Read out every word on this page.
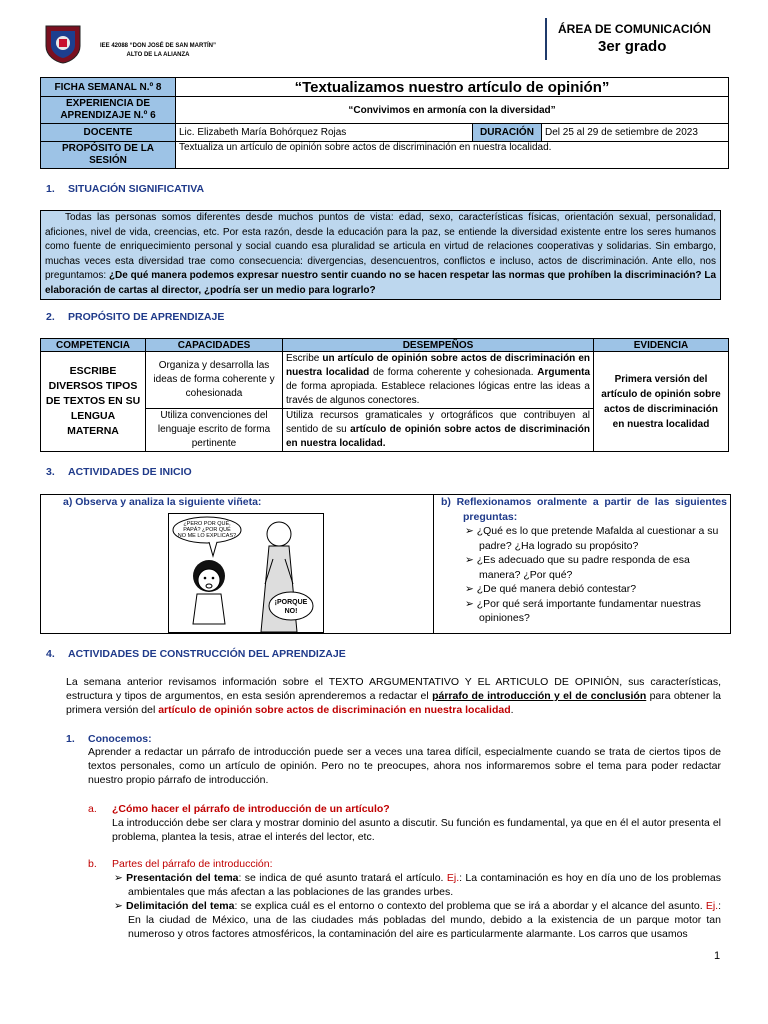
IEE 42088 “DON JOSÉ DE SAN MARTÍN”
ALTO DE LA ALIANZA
ÁREA DE COMUNICACIÓN
3er grado
FICHA SEMANAL N.º 8	“Textualizamos nuestro artículo de opinión”		
EXPERIENCIA DE APRENDIZAJE N.º 6	“Convivimos en armonía con la diversidad”		
DOCENTE	Lic. Elizabeth María Bohórquez Rojas	DURACIÓN	Del 25 al 29 de setiembre de 2023
PROPÓSITO DE LA SESIÓN	Textualiza un artículo de opinión sobre actos de discriminación en nuestra localidad.		
1. SITUACIÓN SIGNIFICATIVA
Todas las personas somos diferentes desde muchos puntos de vista: edad, sexo, características físicas, orientación sexual, personalidad, aficiones, nivel de vida, creencias, etc. Por esta razón, desde la educación para la paz, se entiende la diversidad existente entre los seres humanos como fuente de enriquecimiento personal y social cuando esa pluralidad se articula en virtud de relaciones cooperativas y solidarias. Sin embargo, muchas veces esta diversidad trae como consecuencia: divergencias, desencuentros, conflictos e incluso, actos de discriminación. Ante ello, nos preguntamos: ¿De qué manera podemos expresar nuestro sentir cuando no se hacen respetar las normas que prohíben la discriminación? La elaboración de cartas al director, ¿podría ser un medio para lograrlo?
2. PROPÓSITO DE APRENDIZAJE
COMPETENCIA	CAPACIDADES	DESEMPEÑOS	EVIDENCIA
ESCRIBE DIVERSOS TIPOS DE TEXTOS EN SU LENGUA MATERNA	Organiza y desarrolla las ideas de forma coherente y cohesionada	Escribe un artículo de opinión sobre actos de discriminación en nuestra localidad de forma coherente y cohesionada. Argumenta de forma apropiada. Establece relaciones lógicas entre las ideas a través de algunos conectores.	Primera versión del artículo de opinión sobre actos de discriminación en nuestra localidad
	Utiliza convenciones del lenguaje escrito de forma pertinente	Utiliza recursos gramaticales y ortográficos que contribuyen al sentido de su artículo de opinión sobre actos de discriminación en nuestra localidad.	
3. ACTIVIDADES DE INICIO
a) Observa y analiza la siguiente viñeta:
¿PERO POR QUÉ,
PAPÁ? ¿POR QUÉ
NO ME LO EXPLICAS?
¡PORQUE
NO!
b) Reflexionamos oralmente a partir de las siguientes preguntas:
➢ ¿Qué es lo que pretende Mafalda al cuestionar a su padre? ¿Ha logrado su propósito?
➢ ¿Es adecuado que su padre responda de esa manera? ¿Por qué?
➢ ¿De qué manera debió contestar?
➢ ¿Por qué será importante fundamentar nuestras opiniones?
4. ACTIVIDADES DE CONSTRUCCIÓN DEL APRENDIZAJE
La semana anterior revisamos información sobre el TEXTO ARGUMENTATIVO Y EL ARTICULO DE OPINIÓN, sus características, estructura y tipos de argumentos, en esta sesión aprenderemos a redactar el párrafo de introducción y el de conclusión para obtener la primera versión del artículo de opinión sobre actos de discriminación en nuestra localidad.
1. Conocemos:
Aprender a redactar un párrafo de introducción puede ser a veces una tarea difícil, especialmente cuando se trata de ciertos tipos de textos personales, como un artículo de opinión. Pero no te preocupes, ahora nos informaremos sobre el tema para poder redactar nuestro propio párrafo de introducción.
a. ¿Cómo hacer el párrafo de introducción de un artículo?
La introducción debe ser clara y mostrar dominio del asunto a discutir. Su función es fundamental, ya que en él el autor presenta el problema, plantea la tesis, atrae el interés del lector, etc.
b. Partes del párrafo de introducción:
➢ Presentación del tema: se indica de qué asunto tratará el artículo. Ej.: La contaminación es hoy en día uno de los problemas ambientales que más afectan a las poblaciones de las grandes urbes.
➢ Delimitación del tema: se explica cuál es el entorno o contexto del problema que se irá a abordar y el alcance del asunto. Ej.: En la ciudad de México, una de las ciudades más pobladas del mundo, debido a la existencia de un parque motor tan numeroso y otros factores atmosféricos, la contaminación del aire es particularmente alarmante. Los carros que usamos
1
